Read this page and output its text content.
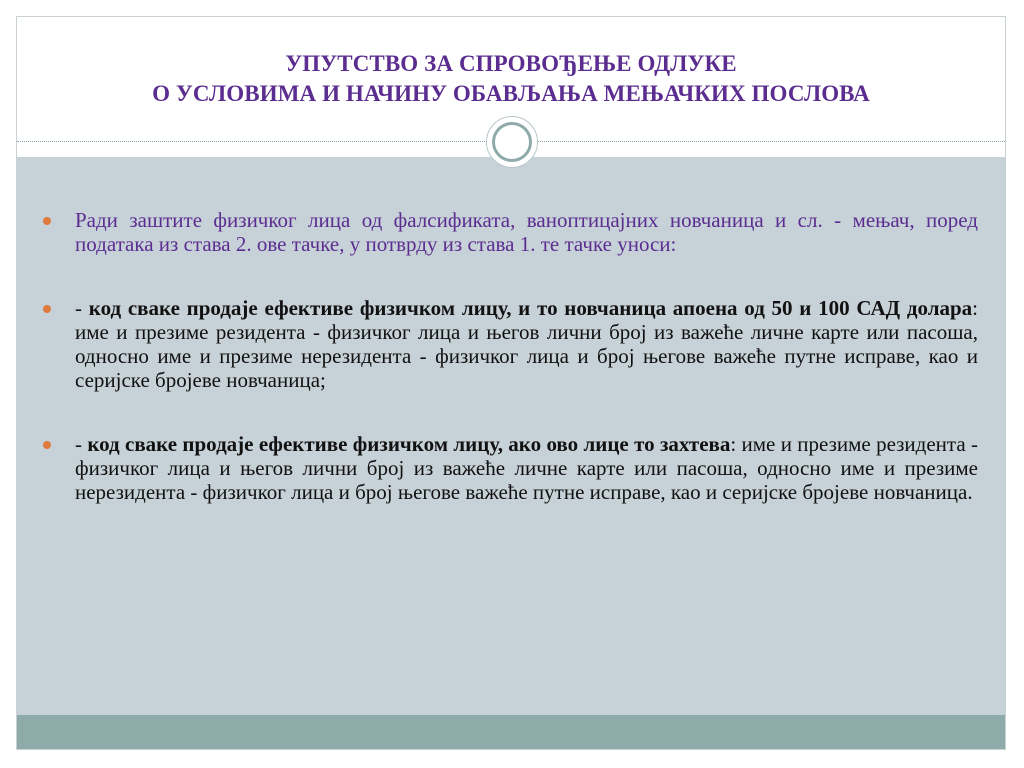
УПУТСТВО ЗА СПРОВОЂЕЊЕ ОДЛУКЕ
О УСЛОВИМА И НАЧИНУ ОБАВЉАЊА МЕЊАЧКИХ ПОСЛОВА
Ради заштите физичког лица од фалсификата, ваноптицајних новчаница и сл. - мењач, поред података из става 2. ове тачке, у потврду из става 1. те тачке уноси:
- код сваке продаје ефективе физичком лицу, и то новчаница апоена од 50 и 100 САД долара: име и презиме резидента - физичког лица и његов лични број из важеће личне карте или пасоша, односно име и презиме нерезидента - физичког лица и број његове важеће путне исправе, као и серијске бројеве новчаница;
- код сваке продаје ефективе физичком лицу, ако ово лице то захтева: име и презиме резидента - физичког лица и његов лични број из важеће личне карте или пасоша, односно име и презиме нерезидента - физичког лица и број његове важеће путне исправе, као и серијске бројеве новчаница.
